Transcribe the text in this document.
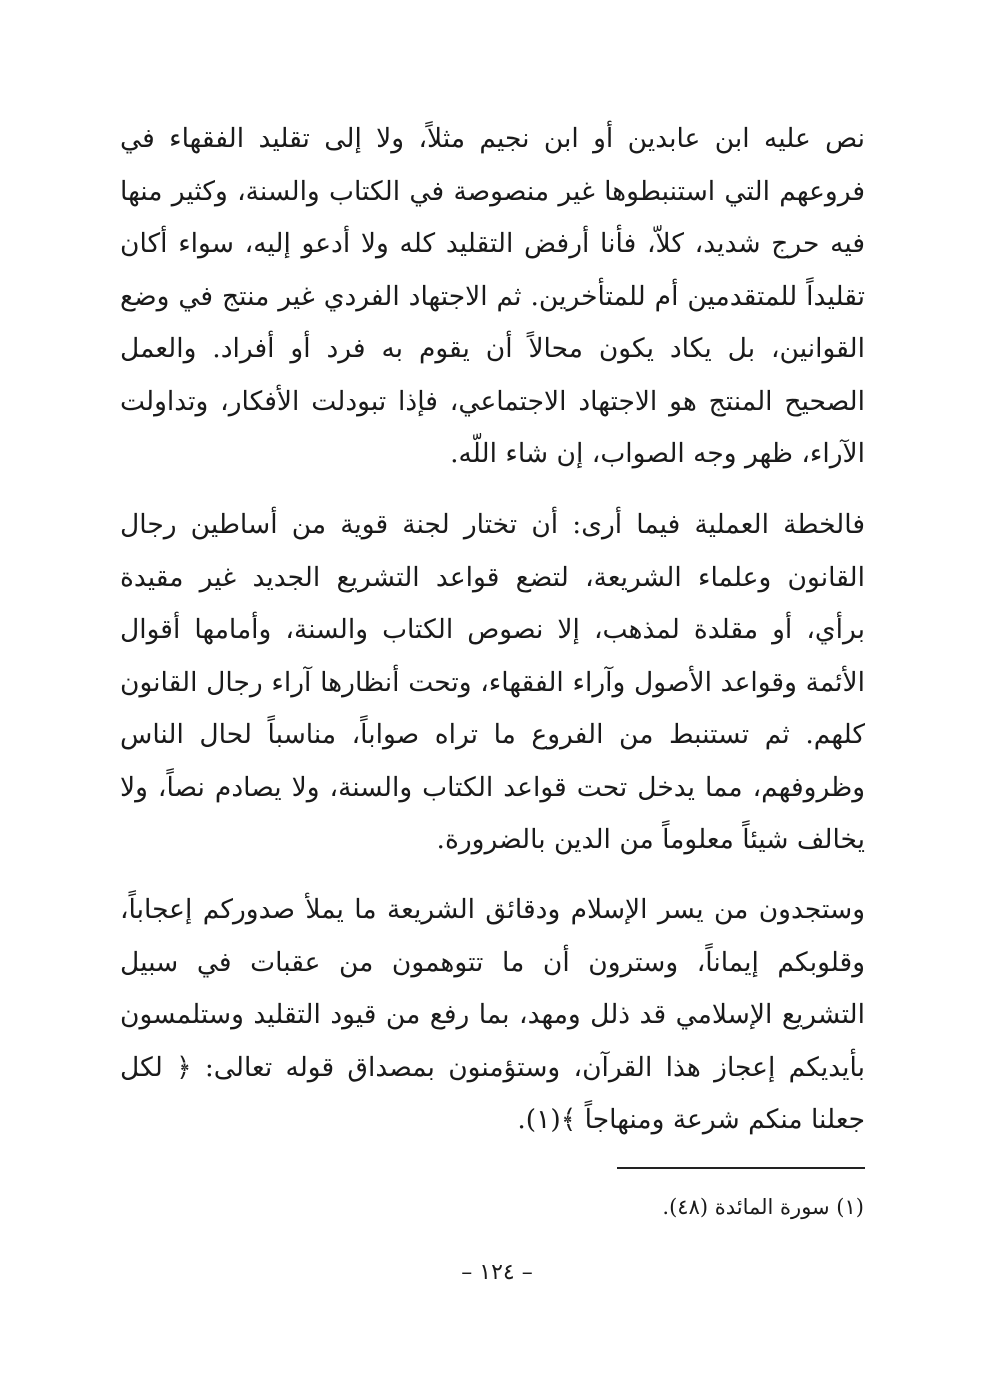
نص عليه ابن عابدين أو ابن نجيم مثلاً، ولا إلى تقليد الفقهاء في فروعهم التي استنبطوها غير منصوصة في الكتاب والسنة، وكثير منها فيه حرج شديد، كلاّ، فأنا أرفض التقليد كله ولا أدعو إليه، سواء أكان تقليداً للمتقدمين أم للمتأخرين. ثم الاجتهاد الفردي غير منتج في وضع القوانين، بل يكاد يكون محالاً أن يقوم به فرد أو أفراد. والعمل الصحيح المنتج هو الاجتهاد الاجتماعي، فإذا تبودلت الأفكار، وتداولت الآراء، ظهر وجه الصواب، إن شاء اللّه.

فالخطة العملية فيما أرى: أن تختار لجنة قوية من أساطين رجال القانون وعلماء الشريعة، لتضع قواعد التشريع الجديد غير مقيدة برأي، أو مقلدة لمذهب، إلا نصوص الكتاب والسنة، وأمامها أقوال الأئمة وقواعد الأصول وآراء الفقهاء، وتحت أنظارها آراء رجال القانون كلهم. ثم تستنبط من الفروع ما تراه صواباً، مناسباً لحال الناس وظروفهم، مما يدخل تحت قواعد الكتاب والسنة، ولا يصادم نصاً، ولا يخالف شيئاً معلوماً من الدين بالضرورة.

وستجدون من يسر الإسلام ودقائق الشريعة ما يملأ صدوركم إعجاباً، وقلوبكم إيماناً، وسترون أن ما تتوهمون من عقبات في سبيل التشريع الإسلامي قد ذلل ومهد، بما رفع من قيود التقليد وستلمسون بأيديكم إعجاز هذا القرآن، وستؤمنون بمصداق قوله تعالى: ﴿ لكل جعلنا منكم شرعة ومنهاجاً ﴾(١).

(١) سورة المائدة (٤٨).

– ١٢٤ –
